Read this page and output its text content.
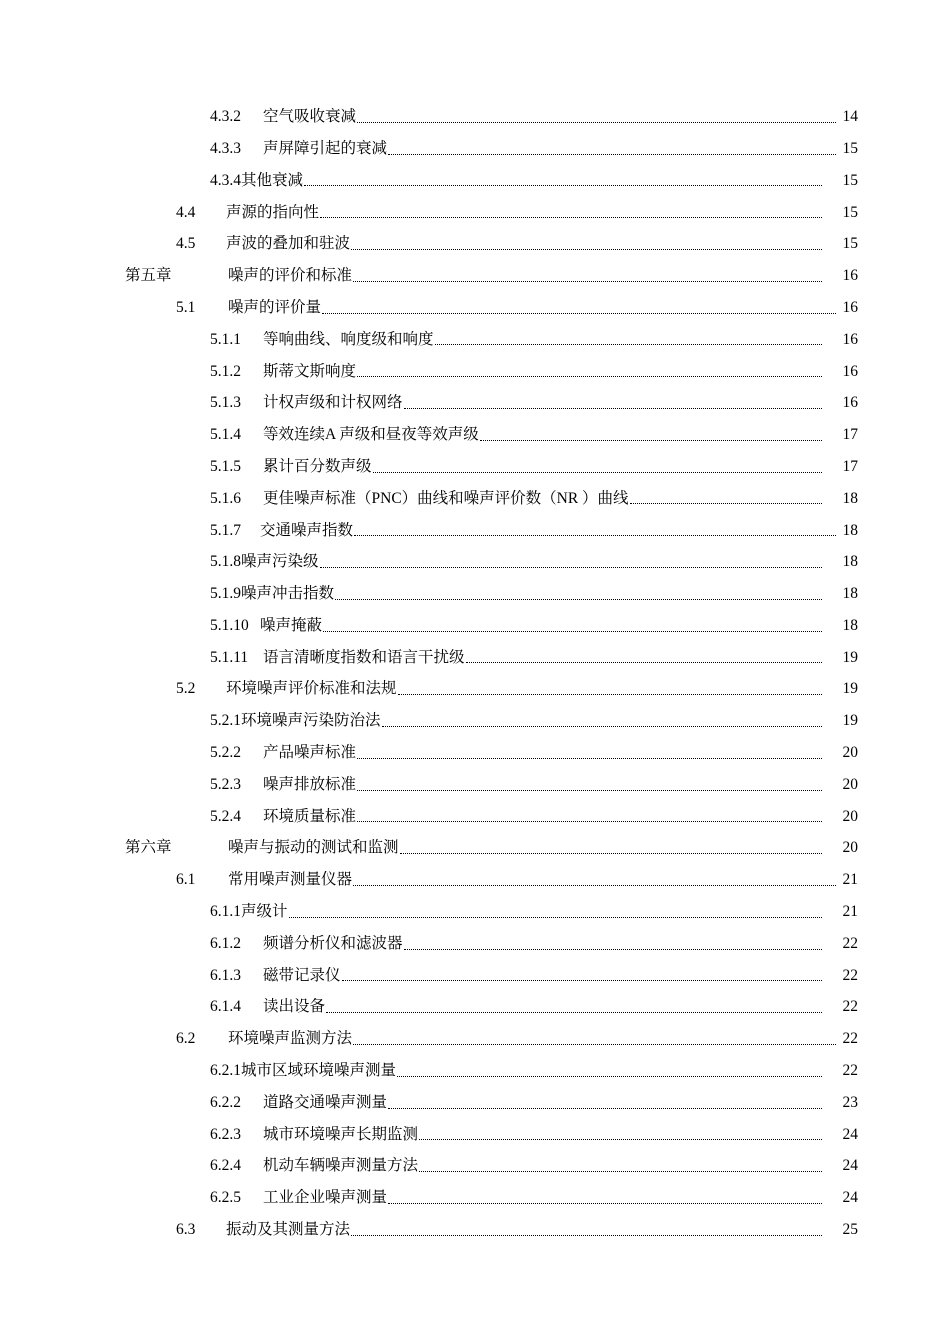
4.3.2	空气吸收衰减	14
4.3.3	声屏障引起的衰减	15
4.3.4 其他衰减	15
4.4	声源的指向性	15
4.5	声波的叠加和驻波	15
第五章	噪声的评价和标准	16
5.1	噪声的评价量	16
5.1.1	等响曲线、响度级和响度	16
5.1.2	斯蒂文斯响度	16
5.1.3	计权声级和计权网络	16
5.1.4	等效连续A 声级和昼夜等效声级	17
5.1.5	累计百分数声级	17
5.1.6	更佳噪声标准（PNC）曲线和噪声评价数（NR ）曲线	18
5.1.7	交通噪声指数	18
5.1.8 噪声污染级	18
5.1.9 噪声冲击指数	18
5.1.10 噪声掩蔽	18
5.1.11 语言清晰度指数和语言干扰级	19
5.2	环境噪声评价标准和法规	19
5.2.1 环境噪声污染防治法	19
5.2.2	产品噪声标准	20
5.2.3	噪声排放标准	20
5.2.4	环境质量标准	20
第六章	噪声与振动的测试和监测	20
6.1	常用噪声测量仪器	21
6.1.1 声级计	21
6.1.2	频谱分析仪和滤波器	22
6.1.3	磁带记录仪	22
6.1.4	读出设备	22
6.2	环境噪声监测方法	22
6.2.1 城市区域环境噪声测量	22
6.2.2	道路交通噪声测量	23
6.2.3	城市环境噪声长期监测	24
6.2.4	机动车辆噪声测量方法	24
6.2.5	工业企业噪声测量	24
6.3	振动及其测量方法	25
